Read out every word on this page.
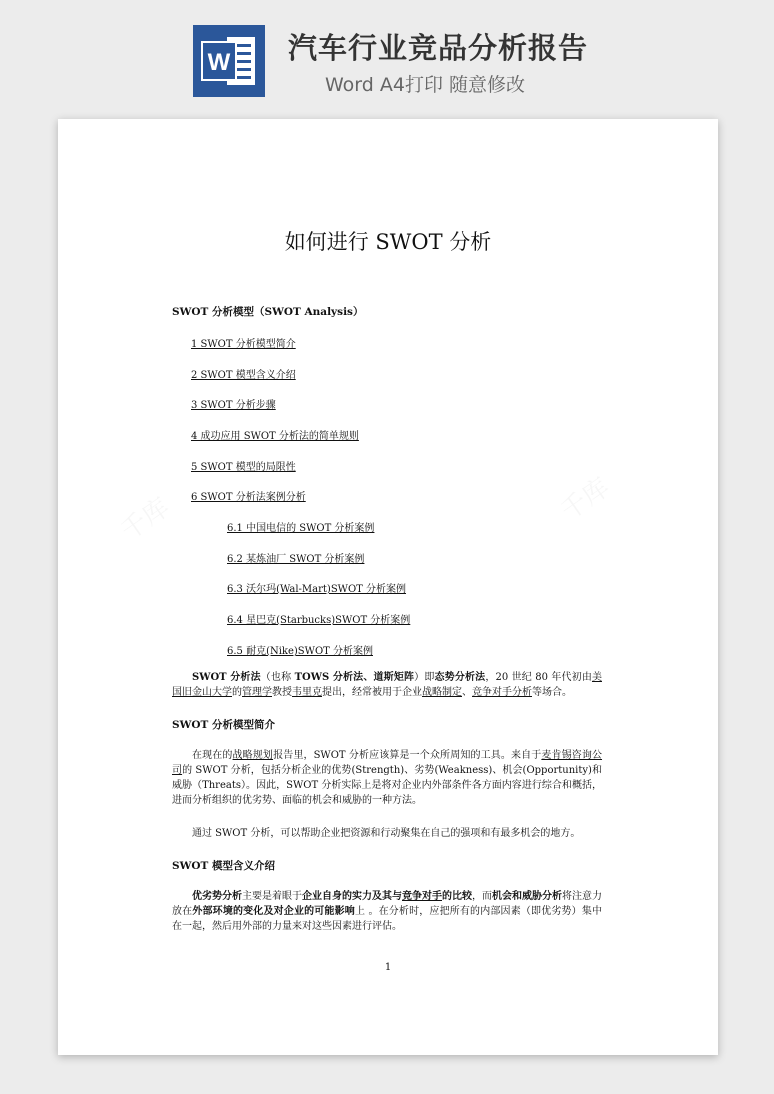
W 汽车行业竞品分析报告
Word A4打印 随意修改
如何进行 SWOT 分析
SWOT 分析模型（SWOT Analysis）
1 SWOT 分析模型简介
2 SWOT 模型含义介绍
3 SWOT 分析步骤
4 成功应用 SWOT 分析法的简单规则
5 SWOT 模型的局限性
6 SWOT 分析法案例分析
6.1 中国电信的 SWOT 分析案例
6.2 某炼油厂 SWOT 分析案例
6.3 沃尔玛(Wal-Mart)SWOT 分析案例
6.4 星巴克(Starbucks)SWOT 分析案例
6.5 耐克(Nike)SWOT 分析案例

SWOT 分析法（也称 TOWS 分析法、道斯矩阵）即态势分析法，20 世纪 80 年代初由美国旧金山大学的管理学教授韦里克提出，经常被用于企业战略制定、竞争对手分析等场合。

SWOT 分析模型简介

在现在的战略规划报告里，SWOT 分析应该算是一个众所周知的工具。来自于麦肯锡咨询公司的 SWOT 分析，包括分析企业的优势(Strength)、劣势(Weakness)、机会(Opportunity)和威胁（Threats）。因此，SWOT 分析实际上是将对企业内外部条件各方面内容进行综合和概括，进而分析组织的优劣势、面临的机会和威胁的一种方法。

通过 SWOT 分析，可以帮助企业把资源和行动聚集在自己的强项和有最多机会的地方。

SWOT 模型含义介绍

优劣势分析主要是着眼于企业自身的实力及其与竞争对手的比较，而机会和威胁分析将注意力放在外部环境的变化及对企业的可能影响上 。在分析时，应把所有的内部因素（即优劣势）集中在一起，然后用外部的力量来对这些因素进行评估。

1
